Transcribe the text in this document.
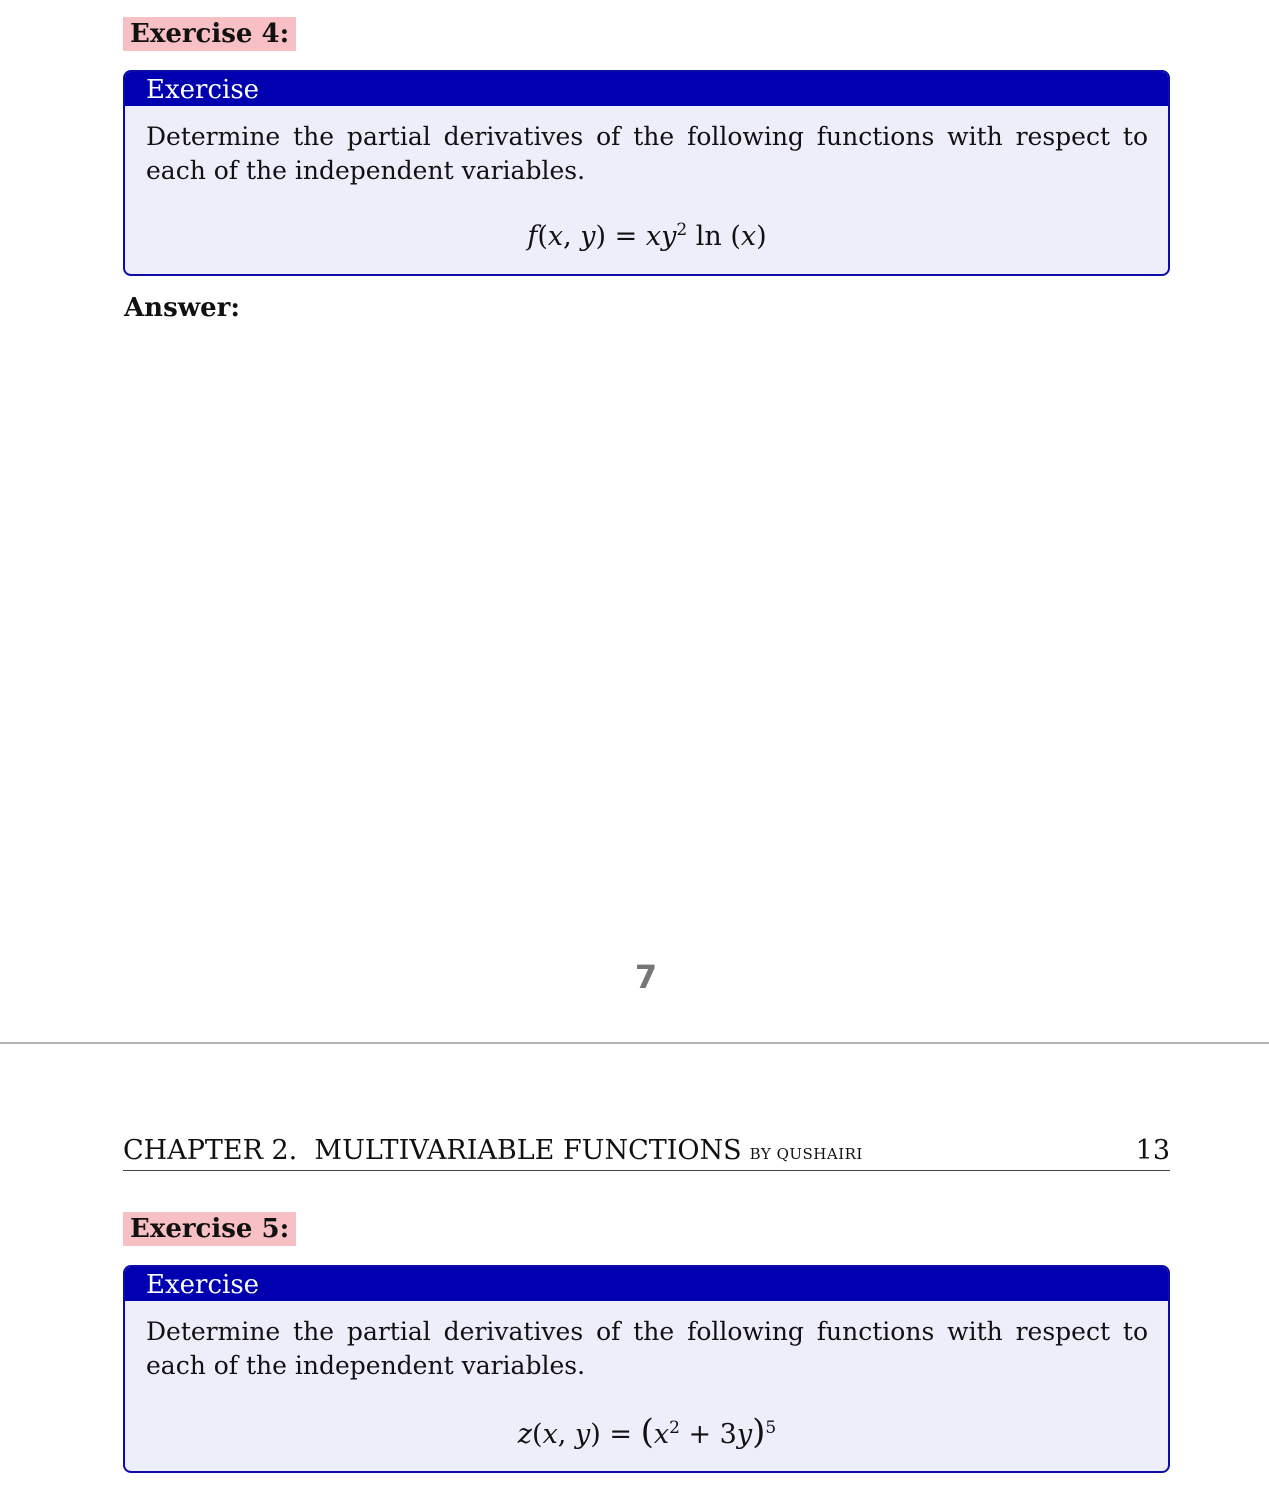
Exercise 4:
Exercise
Determine the partial derivatives of the following functions with respect to each of the independent variables.
f(x, $y) = xy^2$ ln (x)
Answer:
7
CHAPTER 2.  MULTIVARIABLE FUNCTIONS BY QUSHAIRI	13
Exercise 5:
Exercise
Determine the partial derivatives of the following functions with respect to each of the independent variables.
z(x, $y) = (x^2 + 3y)^5$
